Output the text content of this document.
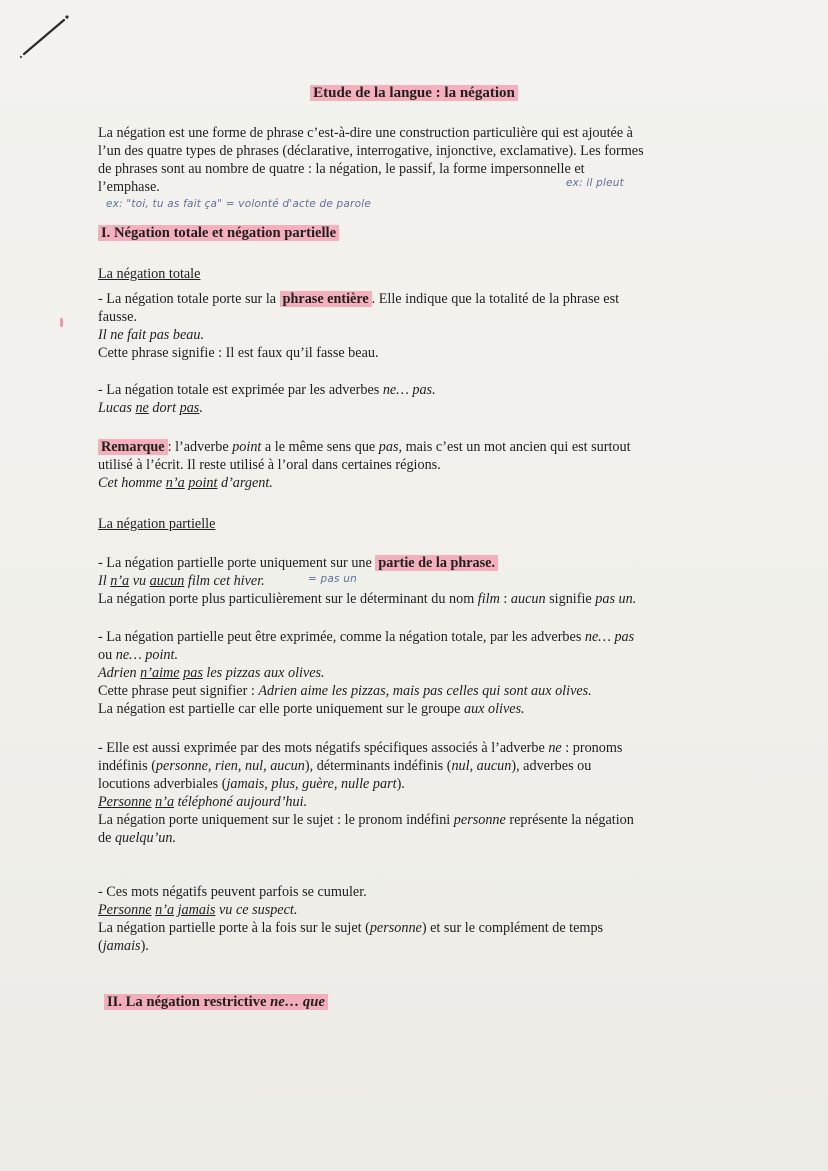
Etude de la langue : la négation
La négation est une forme de phrase c’est-à-dire une construction particulière qui est ajoutée à
l’un des quatre types de phrases (déclarative, interrogative, injonctive, exclamative). Les formes
de phrases sont au nombre de quatre : la négation, le passif, la forme impersonnelle et
l’emphase.	ex: il pleut
ex: "toi, tu as fait ça" = volonté d'acte de parole
I. Négation totale et négation partielle
La négation totale
- La négation totale porte sur la phrase entière . Elle indique que la totalité de la phrase est
fausse.
Il ne fait pas beau.
Cette phrase signifie : Il est faux qu’il fasse beau.
- La négation totale est exprimée par les adverbes ne… pas.
Lucas ne dort pas.
Remarque : l’adverbe point a le même sens que pas, mais c’est un mot ancien qui est surtout
utilisé à l’écrit. Il reste utilisé à l’oral dans certaines régions.
Cet homme n’a point d’argent.
La négation partielle
- La négation partielle porte uniquement sur une partie de la phrase.
Il n’a vu aucun film cet hiver.	= pas un
La négation porte plus particulièrement sur le déterminant du nom film : aucun signifie pas un.
- La négation partielle peut être exprimée, comme la négation totale, par les adverbes ne… pas
ou ne… point.
Adrien n’aime pas les pizzas aux olives.
Cette phrase peut signifier : Adrien aime les pizzas, mais pas celles qui sont aux olives.
La négation est partielle car elle porte uniquement sur le groupe aux olives.
- Elle est aussi exprimée par des mots négatifs spécifiques associés à l’adverbe ne : pronoms
indéfinis (personne, rien, nul, aucun), déterminants indéfinis (nul, aucun), adverbes ou
locutions adverbiales (jamais, plus, guère, nulle part).
Personne n’a téléphoné aujourd’hui.
La négation porte uniquement sur le sujet : le pronom indéfini personne représente la négation
de quelqu’un.
- Ces mots négatifs peuvent parfois se cumuler.
Personne n’a jamais vu ce suspect.
La négation partielle porte à la fois sur le sujet (personne) et sur le complément de temps
(jamais).
II. La négation restrictive ne… que
